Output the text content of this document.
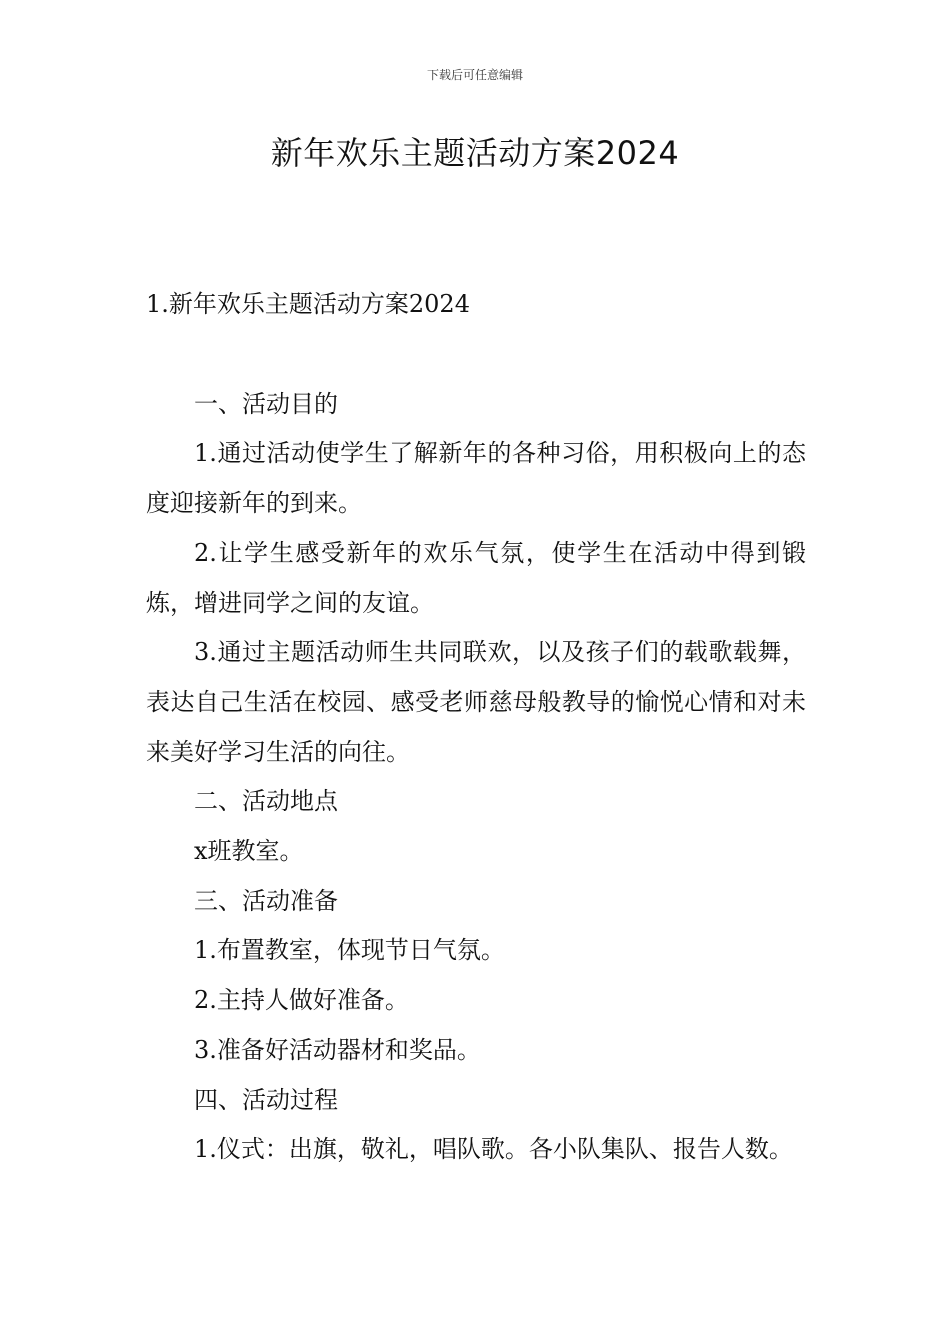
下载后可任意编辑
新年欢乐主题活动方案2024

1.新年欢乐主题活动方案2024

一、活动目的

1.通过活动使学生了解新年的各种习俗，用积极向上的态度迎接新年的到来。

2.让学生感受新年的欢乐气氛，使学生在活动中得到锻炼，增进同学之间的友谊。

3.通过主题活动师生共同联欢，以及孩子们的载歌载舞，表达自己生活在校园、感受老师慈母般教导的愉悦心情和对未来美好学习生活的向往。

二、活动地点

x班教室。

三、活动准备

1.布置教室，体现节日气氛。

2.主持人做好准备。

3.准备好活动器材和奖品。

四、活动过程

1.仪式：出旗，敬礼，唱队歌。各小队集队、报告人数。
